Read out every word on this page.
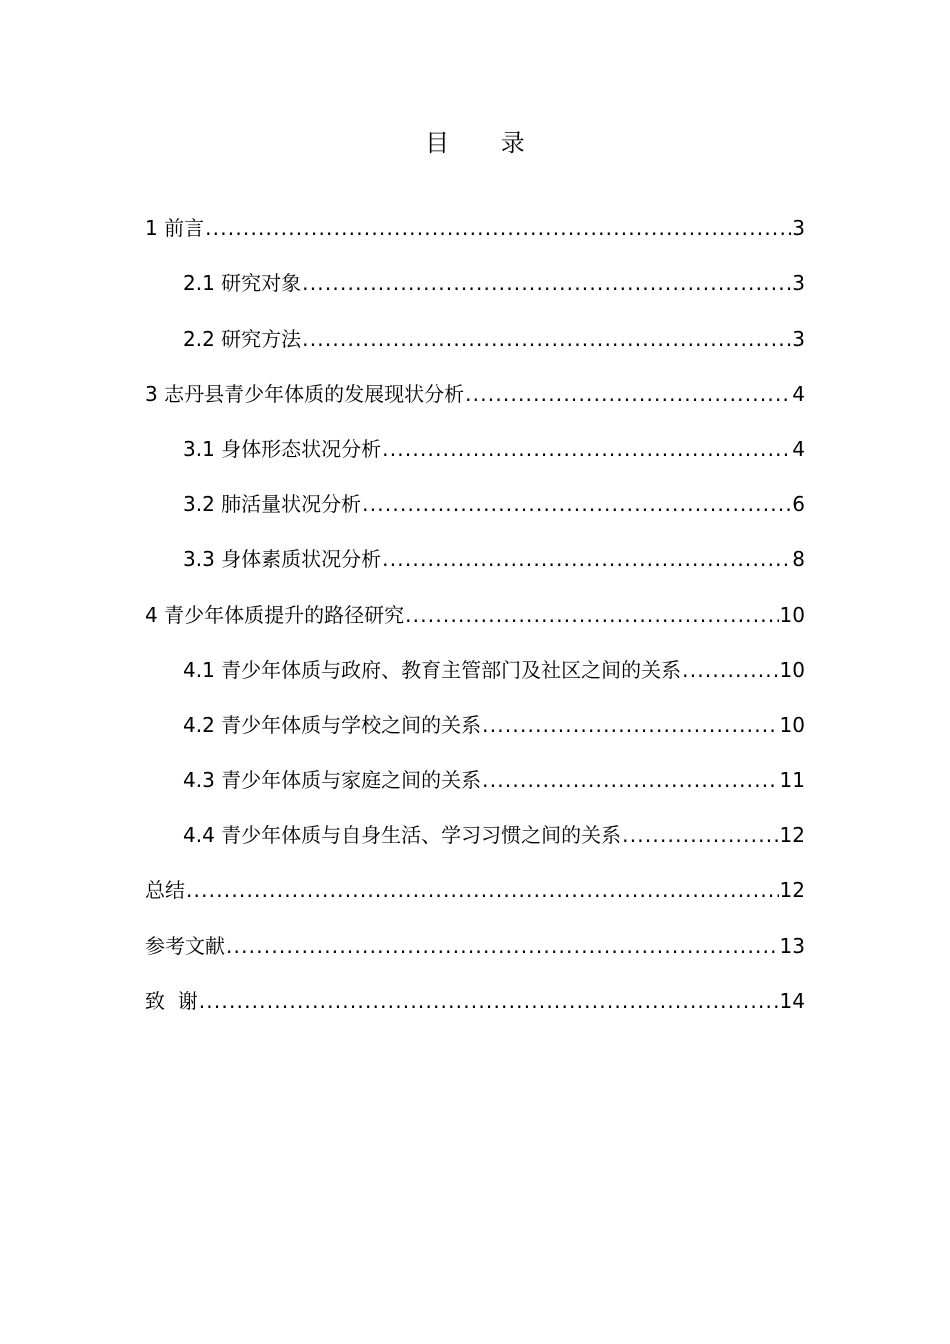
目 录
1 前言 .....	3
2.1 研究对象 .....	3
2.2 研究方法 .....	3
3 志丹县青少年体质的发展现状分析 .....	4
3.1 身体形态状况分析 .....	4
3.2 肺活量状况分析 .....	6
3.3 身体素质状况分析 .....	8
4 青少年体质提升的路径研究 .....	10
4.1 青少年体质与政府、教育主管部门及社区之间的关系 .....	10
4.2 青少年体质与学校之间的关系 .....	10
4.3 青少年体质与家庭之间的关系 .....	11
4.4 青少年体质与自身生活、学习习惯之间的关系 .....	12
总结 .....	12
参考文献 .....	13
致  谢 .....	14
